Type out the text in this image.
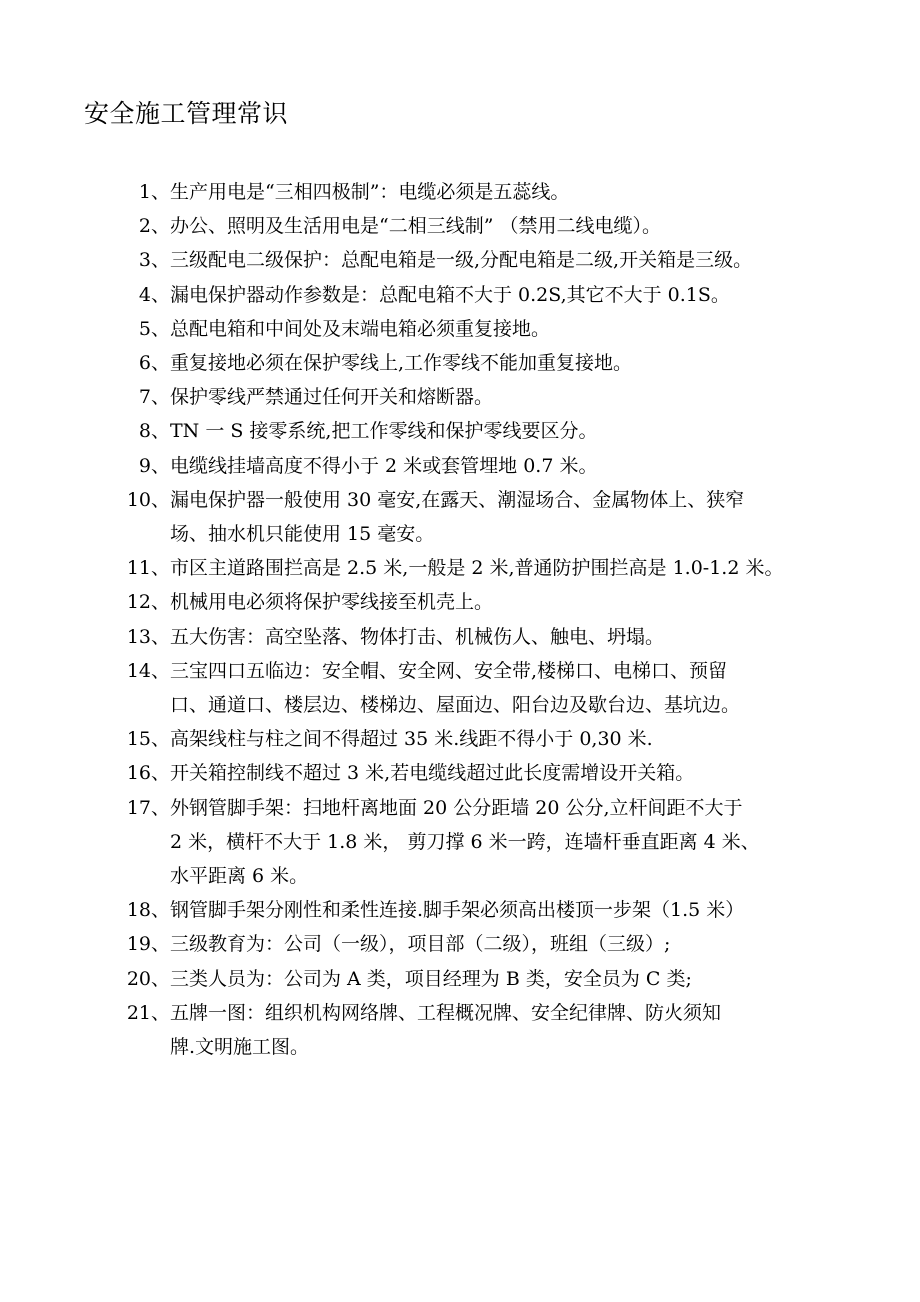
安全施工管理常识
1、 生产用电是“三相四极制”：电缆必须是五蕊线。
2、 办公、照明及生活用电是“二相三线制” （禁用二线电缆）。
3、 三级配电二级保护：总配电箱是一级,分配电箱是二级,开关箱是三级。
4、 漏电保护器动作参数是：总配电箱不大于 0.2S,其它不大于 0.1S。
5、 总配电箱和中间处及末端电箱必须重复接地。
6、 重复接地必须在保护零线上,工作零线不能加重复接地。
7、 保护零线严禁通过任何开关和熔断器。
8、 TN 一 S 接零系统,把工作零线和保护零线要区分。
9、 电缆线挂墙高度不得小于 2 米或套管埋地 0.7 米。
10、 漏电保护器一般使用 30 毫安,在露天、潮湿场合、金属物体上、狭窄
场、抽水机只能使用 15 毫安。
11、 市区主道路围拦高是 2.5 米,一般是 2 米,普通防护围拦高是 1.0-1.2 米。
12、 机械用电必须将保护零线接至机壳上。
13、 五大伤害：高空坠落、物体打击、机械伤人、触电、坍塌。
14、 三宝四口五临边：安全帽、安全网、安全带,楼梯口、电梯口、预留
口、通道口、楼层边、楼梯边、屋面边、阳台边及歇台边、基坑边。
15、 高架线柱与柱之间不得超过 35 米.线距不得小于 0,30 米.
16、 开关箱控制线不超过 3 米,若电缆线超过此长度需增设开关箱。
17、 外钢管脚手架：扫地杆离地面 20 公分距墙 20 公分,立杆间距不大于
2 米，横杆不大于 1.8 米， 剪刀撑 6 米一跨，连墙杆垂直距离 4 米、
水平距离 6 米。
18、 钢管脚手架分刚性和柔性连接.脚手架必须高出楼顶一步架（1.5 米）
19、 三级教育为：公司（一级），项目部（二级），班组（三级）;
20、 三类人员为：公司为 A 类，项目经理为 B 类，安全员为 C 类;
21、 五牌一图：组织机构网络牌、工程概况牌、安全纪律牌、防火须知
牌.文明施工图。
